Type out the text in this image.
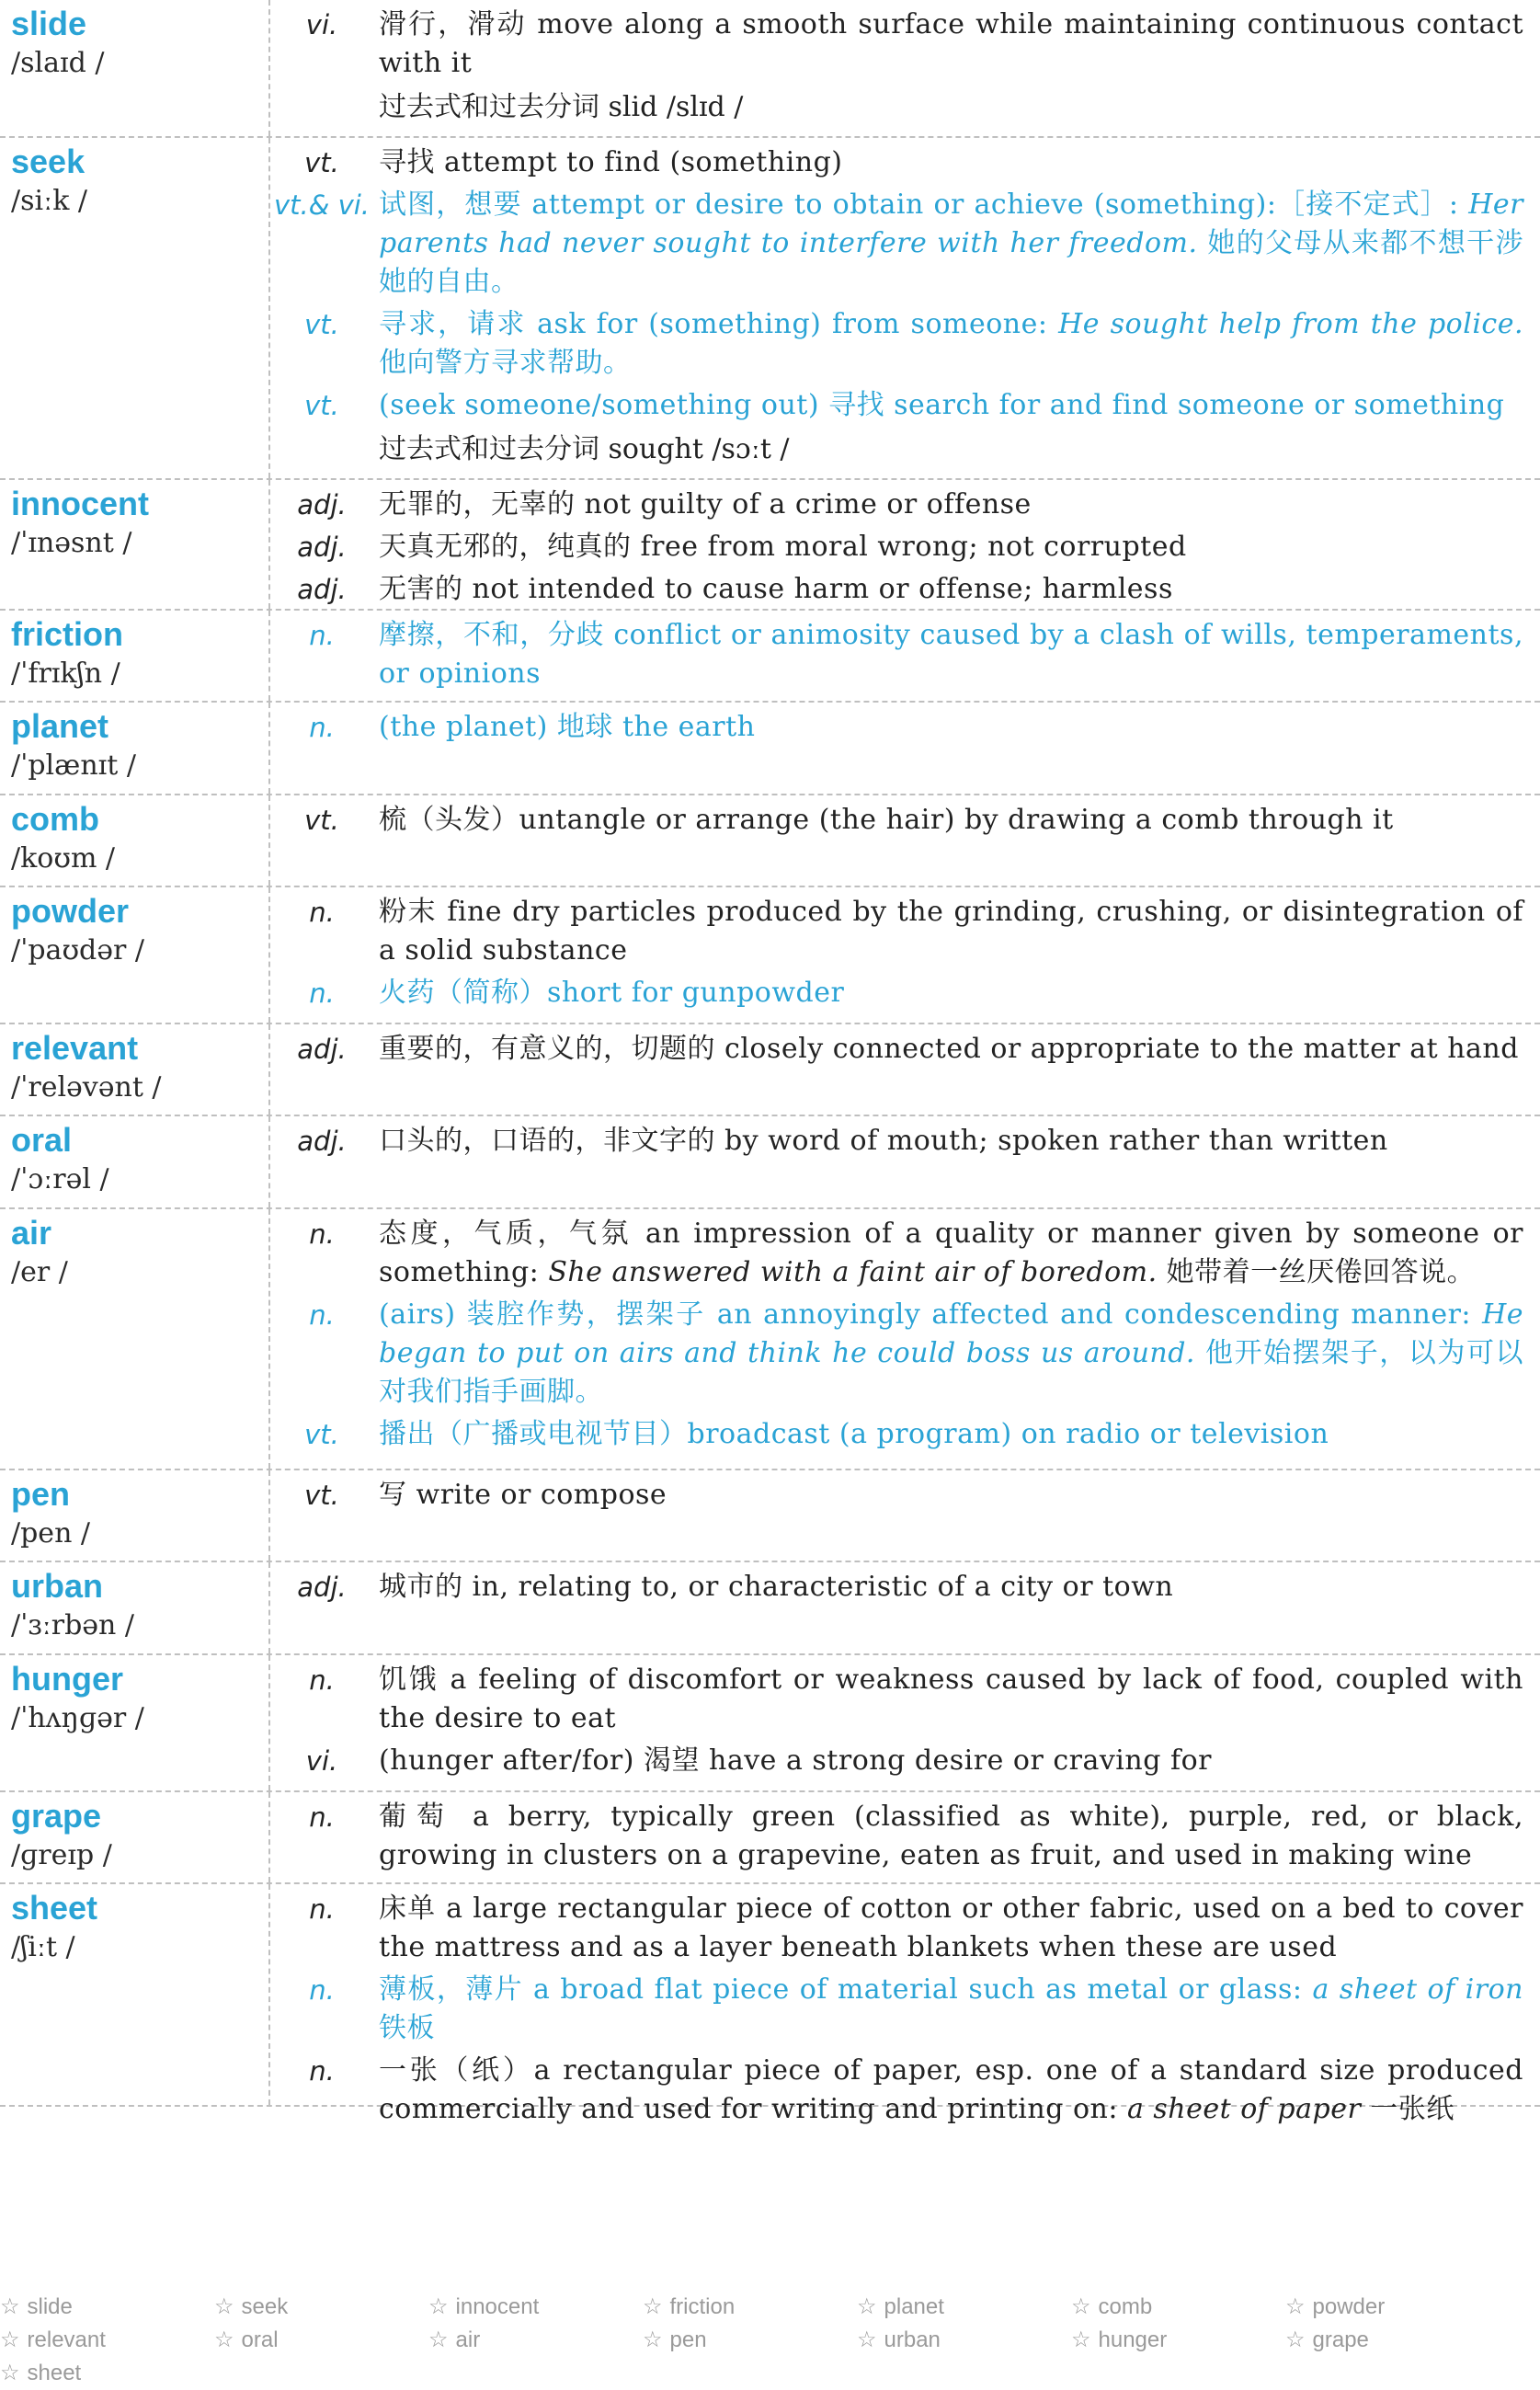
slide
/slaɪd /
vi.	滑行，滑动 move along a smooth surface while maintaining continuous contact with it
过去式和过去分词 slid /slɪd /
seek
/siːk /
vt.	寻找 attempt to find (something)
vt.& vi. 试图，想要 attempt or desire to obtain or achieve (something):［接不定式］: Her parents had never sought to interfere with her freedom. 她的父母从来都不想干涉她的自由。
vt.	寻求，请求 ask for (something) from someone: He sought help from the police. 他向警方寻求帮助。
vt.	(seek someone/something out) 寻找 search for and find someone or something
过去式和过去分词 sought /sɔːt /
innocent
/ˈɪnəsnt /
adj.	无罪的，无辜的 not guilty of a crime or offense
adj.	天真无邪的，纯真的 free from moral wrong; not corrupted
adj.	无害的 not intended to cause harm or offense; harmless
friction
/ˈfrɪkʃn /
n.	摩擦，不和，分歧 conflict or animosity caused by a clash of wills, temperaments, or opinions
planet
/ˈplænɪt /
n.	(the planet) 地球 the earth
comb
/koʊm /
vt.	梳（头发）untangle or arrange (the hair) by drawing a comb through it
powder
/ˈpaʊdər /
n.	粉末 fine dry particles produced by the grinding, crushing, or disintegration of a solid substance
n.	火药（简称）short for gunpowder
relevant
/ˈreləvənt /
adj.	重要的，有意义的，切题的 closely connected or appropriate to the matter at hand
oral
/ˈɔːrəl /
adj.	口头的，口语的，非文字的 by word of mouth; spoken rather than written
air
/er /
n.	态度，气质，气氛 an impression of a quality or manner given by someone or something: She answered with a faint air of boredom. 她带着一丝厌倦回答说。
n.	(airs) 装腔作势，摆架子 an annoyingly affected and condescending manner: He began to put on airs and think he could boss us around. 他开始摆架子，以为可以对我们指手画脚。
vt.	播出（广播或电视节目）broadcast (a program) on radio or television
pen
/pen /
vt.	写 write or compose
urban
/ˈɜːrbən /
adj.	城市的 in, relating to, or characteristic of a city or town
hunger
/ˈhʌŋɡər /
n.	饥饿 a feeling of discomfort or weakness caused by lack of food, coupled with the desire to eat
vi.	(hunger after/for) 渴望 have a strong desire or craving for
grape
/ɡreɪp /
n.	葡萄 a berry, typically green (classified as white), purple, red, or black, growing in clusters on a grapevine, eaten as fruit, and used in making wine
sheet
/ʃiːt /
n.	床单 a large rectangular piece of cotton or other fabric, used on a bed to cover the mattress and as a layer beneath blankets when these are used
n.	薄板，薄片 a broad flat piece of material such as metal or glass: a sheet of iron 铁板
n.	一张（纸）a rectangular piece of paper, esp. one of a standard size produced commercially and used for writing and printing on: a sheet of paper 一张纸
☆ slide	☆ seek	☆ innocent	☆ friction	☆ planet	☆ comb	☆ powder
☆ relevant	☆ oral	☆ air	☆ pen	☆ urban	☆ hunger	☆ grape
☆ sheet
